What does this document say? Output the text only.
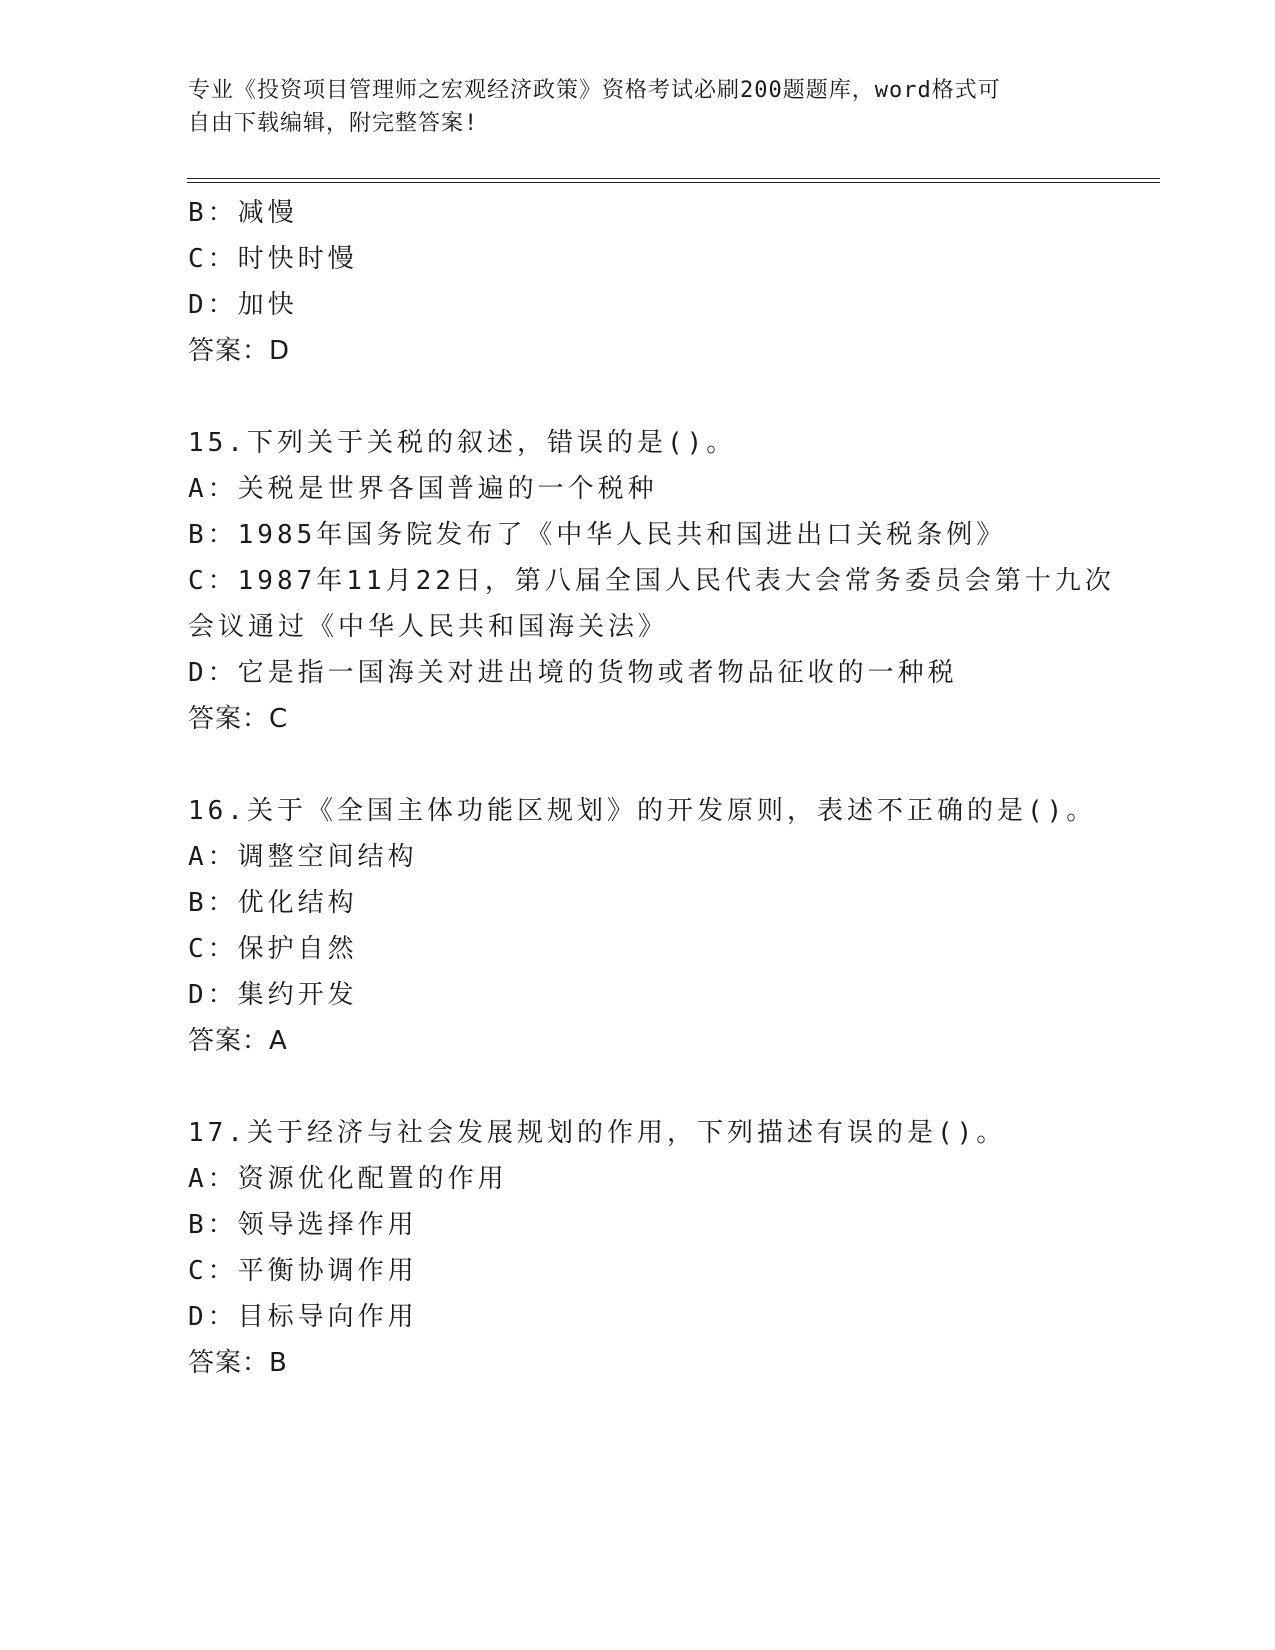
专业《投资项目管理师之宏观经济政策》资格考试必刷200题题库，word格式可
自由下载编辑，附完整答案!
B：减慢
C：时快时慢
D：加快
答案：D
15.下列关于关税的叙述，错误的是()。
A：关税是世界各国普遍的一个税种
B：1985年国务院发布了《中华人民共和国进出口关税条例》
C：1987年11月22日，第八届全国人民代表大会常务委员会第十九次
会议通过《中华人民共和国海关法》
D：它是指一国海关对进出境的货物或者物品征收的一种税
答案：C
16.关于《全国主体功能区规划》的开发原则，表述不正确的是()。
A：调整空间结构
B：优化结构
C：保护自然
D：集约开发
答案：A
17.关于经济与社会发展规划的作用，下列描述有误的是()。
A：资源优化配置的作用
B：领导选择作用
C：平衡协调作用
D：目标导向作用
答案：B
